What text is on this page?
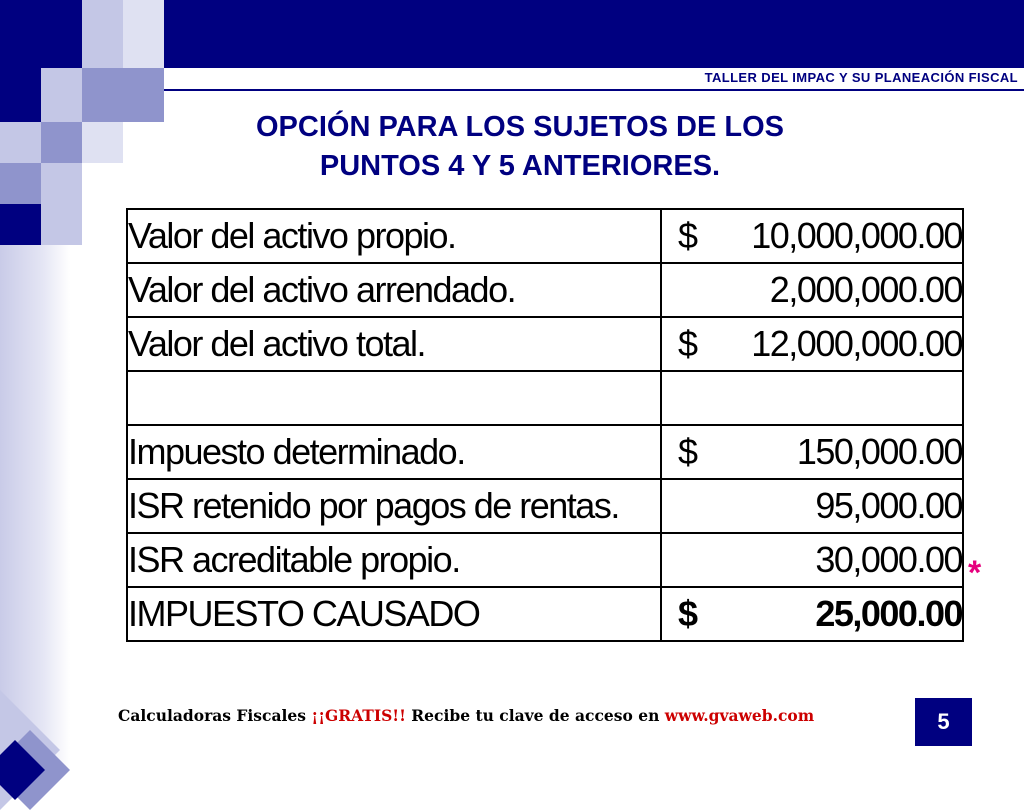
TALLER DEL IMPAC Y SU PLANEACIÓN FISCAL
OPCIÓN PARA LOS SUJETOS DE LOS
PUNTOS 4 Y 5 ANTERIORES.
Valor del activo propio.	$ 10,000,000.00

Valor del activo arrendado.	2,000,000.00

Valor del activo total.	$ 12,000,000.00

Impuesto determinado.	$ 150,000.00

ISR retenido por pagos de rentas.	95,000.00

ISR acreditable propio.	30,000.00

IMPUESTO CAUSADO	$ 25,000.00
*
Calculadoras Fiscales ¡¡GRATIS!! Recibe tu clave de acceso en www.gvaweb.com	5
